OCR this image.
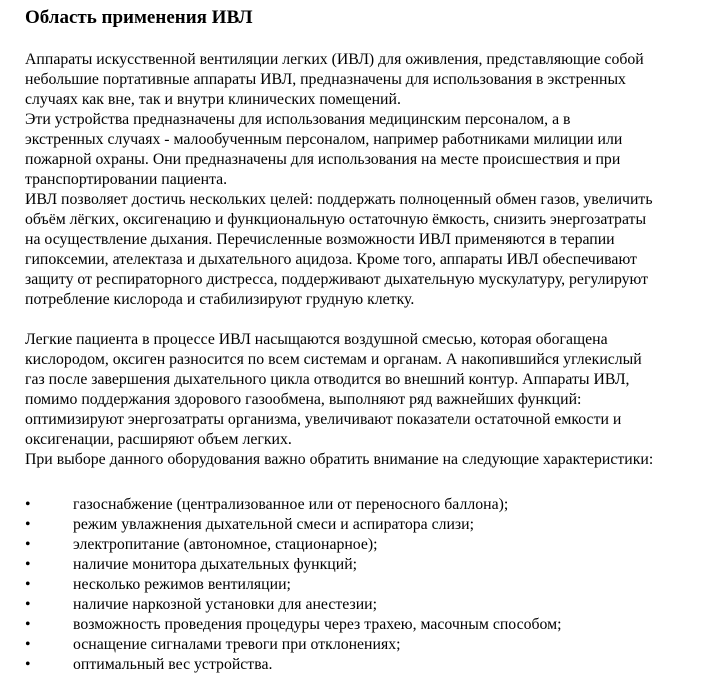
Область применения ИВЛ

Аппараты искусственной вентиляции легких (ИВЛ) для оживления, представляющие собой
небольшие портативные аппараты ИВЛ, предназначены для использования в экстренных
случаях как вне, так и внутри клинических помещений.

Эти устройства предназначены для использования медицинским персоналом, а в
экстренных случаях - малообученным персоналом, например работниками милиции или
пожарной охраны. Они предназначены для использования на месте происшествия и при
транспортировании пациента.

ИВЛ позволяет достичь нескольких целей: поддержать полноценный обмен газов, увеличить
объём лёгких, оксигенацию и функциональную остаточную ёмкость, снизить энергозатраты
на осуществление дыхания. Перечисленные возможности ИВЛ применяются в терапии
гипоксемии, ателектаза и дыхательного ацидоза. Кроме того, аппараты ИВЛ обеспечивают
защиту от респираторного дистресса, поддерживают дыхательную мускулатуру, регулируют
потребление кислорода и стабилизируют грудную клетку.

Легкие пациента в процессе ИВЛ насыщаются воздушной смесью, которая обогащена
кислородом, оксиген разносится по всем системам и органам. А накопившийся углекислый
газ после завершения дыхательного цикла отводится во внешний контур. Аппараты ИВЛ,
помимо поддержания здорового газообмена, выполняют ряд важнейших функций:
оптимизируют энергозатраты организма, увеличивают показатели остаточной емкости и
оксигенации, расширяют объем легких.

При выборе данного оборудования важно обратить внимание на следующие характеристики:

•	газоснабжение (централизованное или от переносного баллона);
•	режим увлажнения дыхательной смеси и аспиратора слизи;
•	электропитание (автономное, стационарное);
•	наличие монитора дыхательных функций;
•	несколько режимов вентиляции;
•	наличие наркозной установки для анестезии;
•	возможность проведения процедуры через трахею, масочным способом;
•	оснащение сигналами тревоги при отклонениях;
•	оптимальный вес устройства.
